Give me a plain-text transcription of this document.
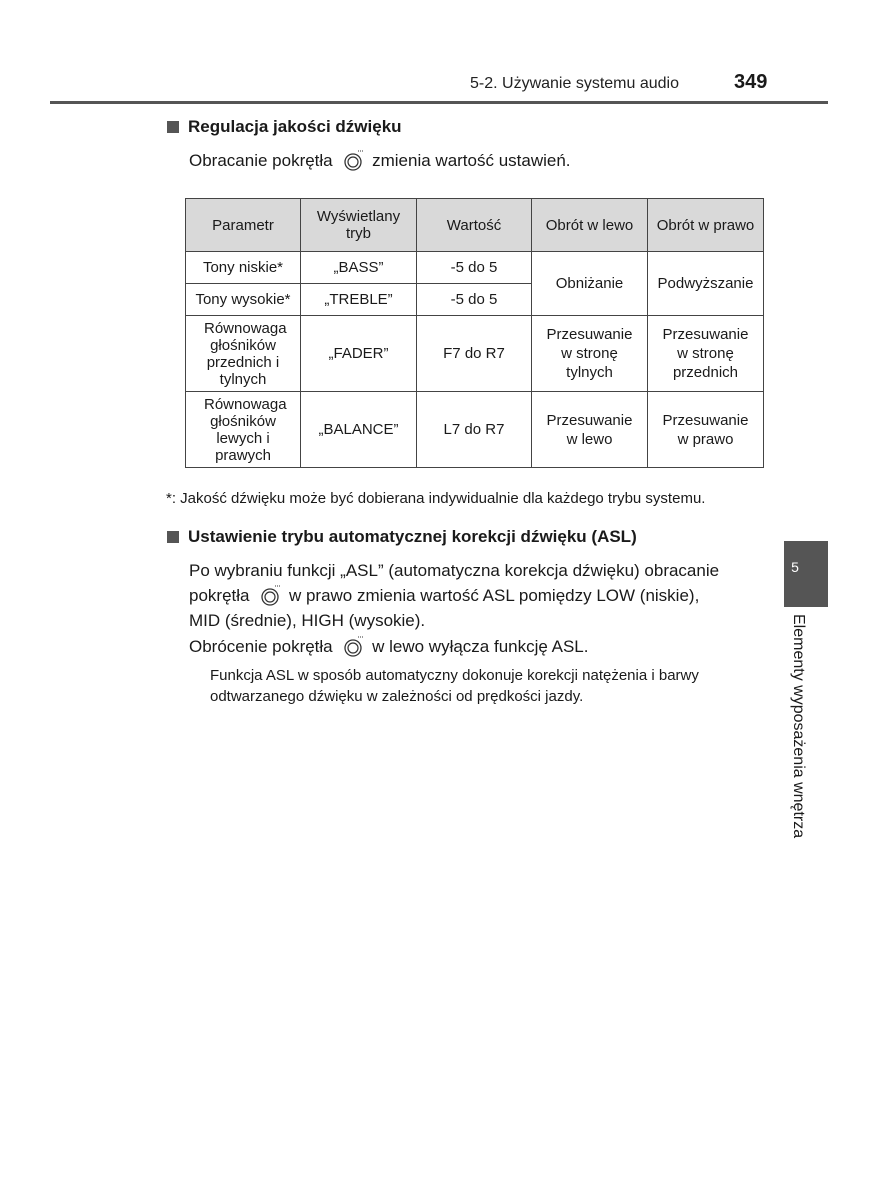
5-2. Używanie systemu audio	349
Regulacja jakości dźwięku
Obracanie pokrętła zmienia wartość ustawień.
Parametr	Wyświetlany tryb	Wartość	Obrót w lewo	Obrót w prawo
Tony niskie*	„BASS”	-5 do 5	Obniżanie	Podwyższanie
Tony wysokie*	„TREBLE”	-5 do 5		
Równowaga głośników przednich i tylnych	„FADER”	F7 do R7	Przesuwanie w stronę tylnych	Przesuwanie w stronę przednich
Równowaga głośników lewych i prawych	„BALANCE”	L7 do R7	Przesuwanie w lewo	Przesuwanie w prawo
*: Jakość dźwięku może być dobierana indywidualnie dla każdego trybu systemu.
Ustawienie trybu automatycznej korekcji dźwięku (ASL)
Po wybraniu funkcji „ASL” (automatyczna korekcja dźwięku) obracanie
pokrętła w prawo zmienia wartość ASL pomiędzy LOW (niskie),
MID (średnie), HIGH (wysokie).
Obrócenie pokrętła w lewo wyłącza funkcję ASL.
Funkcja ASL w sposób automatyczny dokonuje korekcji natężenia i barwy odtwarzanego dźwięku w zależności od prędkości jazdy.
5
Elementy wyposażenia wnętrza
